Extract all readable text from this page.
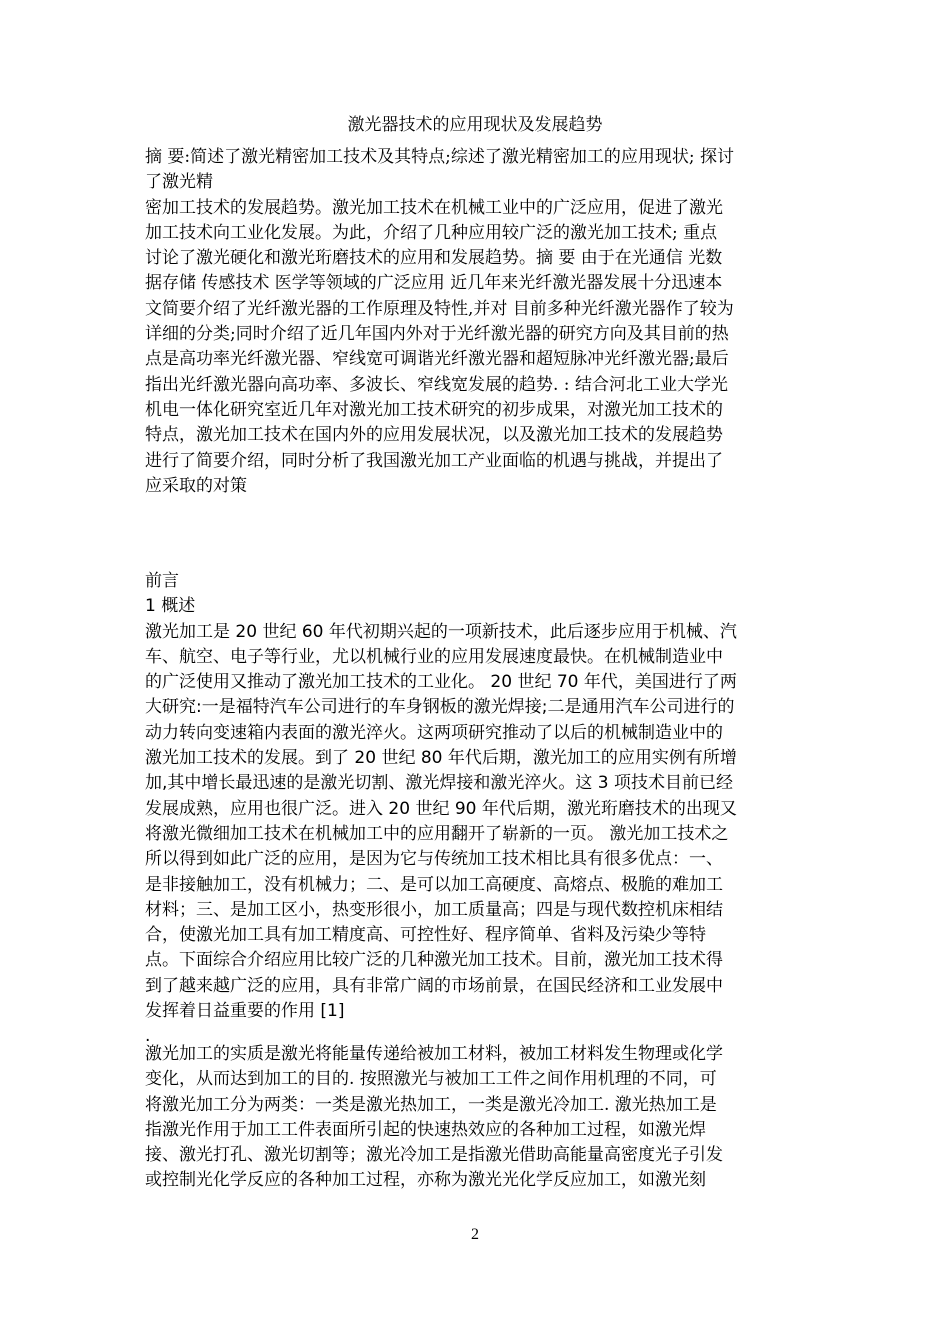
激光器技术的应用现状及发展趋势
摘 要:简述了激光精密加工技术及其特点;综述了激光精密加工的应用现状; 探讨
了激光精
密加工技术的发展趋势。激光加工技术在机械工业中的广泛应用，促进了激光
加工技术向工业化发展。为此，介绍了几种应用较广泛的激光加工技术; 重点
讨论了激光硬化和激光珩磨技术的应用和发展趋势。摘 要 由于在光通信 光数
据存储 传感技术 医学等领域的广泛应用 近几年来光纤激光器发展十分迅速本
文简要介绍了光纤激光器的工作原理及特性,并对 目前多种光纤激光器作了较为
详细的分类;同时介绍了近几年国内外对于光纤激光器的研究方向及其目前的热
点是高功率光纤激光器、窄线宽可调谐光纤激光器和超短脉冲光纤激光器;最后
指出光纤激光器向高功率、多波长、窄线宽发展的趋势. : 结合河北工业大学光
机电一体化研究室近几年对激光加工技术研究的初步成果，对激光加工技术的
特点，激光加工技术在国内外的应用发展状况，以及激光加工技术的发展趋势
进行了简要介绍，同时分析了我国激光加工产业面临的机遇与挑战，并提出了
应采取的对策
前言
1 概述
激光加工是 20 世纪 60 年代初期兴起的一项新技术，此后逐步应用于机械、汽
车、航空、电子等行业，尤以机械行业的应用发展速度最快。在机械制造业中
的广泛使用又推动了激光加工技术的工业化。 20 世纪 70 年代，美国进行了两
大研究:一是福特汽车公司进行的车身钢板的激光焊接;二是通用汽车公司进行的
动力转向变速箱内表面的激光淬火。这两项研究推动了以后的机械制造业中的
激光加工技术的发展。到了 20 世纪 80 年代后期，激光加工的应用实例有所增
加,其中增长最迅速的是激光切割、激光焊接和激光淬火。这 3 项技术目前已经
发展成熟，应用也很广泛。进入 20 世纪 90 年代后期，激光珩磨技术的出现又
将激光微细加工技术在机械加工中的应用翻开了崭新的一页。 激光加工技术之
所以得到如此广泛的应用，是因为它与传统加工技术相比具有很多优点：一、
是非接触加工，没有机械力；二、是可以加工高硬度、高熔点、极脆的难加工
材料；三、是加工区小，热变形很小，加工质量高；四是与现代数控机床相结
合，使激光加工具有加工精度高、可控性好、程序简单、省料及污染少等特
点。下面综合介绍应用比较广泛的几种激光加工技术。目前，激光加工技术得
到了越来越广泛的应用，具有非常广阔的市场前景，在国民经济和工业发展中
发挥着日益重要的作用 [1]
.
激光加工的实质是激光将能量传递给被加工材料，被加工材料发生物理或化学
变化，从而达到加工的目的. 按照激光与被加工工件之间作用机理的不同，可
将激光加工分为两类：一类是激光热加工，一类是激光冷加工. 激光热加工是
指激光作用于加工工件表面所引起的快速热效应的各种加工过程，如激光焊
接、激光打孔、激光切割等；激光冷加工是指激光借助高能量高密度光子引发
或控制光化学反应的各种加工过程，亦称为激光光化学反应加工，如激光刻
2
